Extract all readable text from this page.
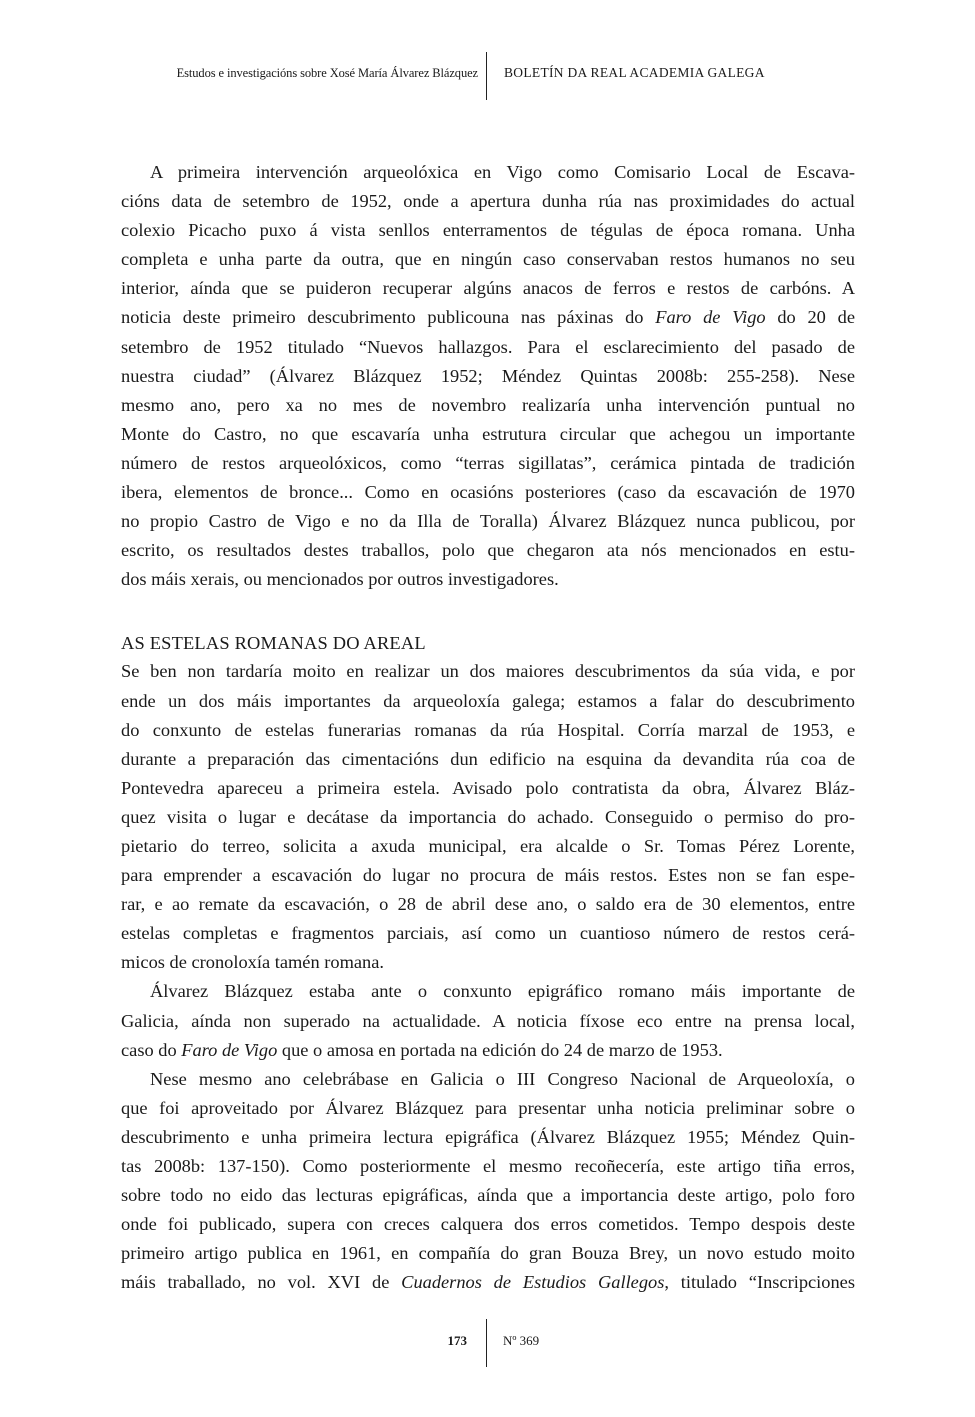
Estudos e investigacións sobre Xosé María Álvarez Blázquez BOLETÍN DA REAL ACADEMIA GALEGA
A primeira intervención arqueolóxica en Vigo como Comisario Local de Escava-
cións data de setembro de 1952, onde a apertura dunha rúa nas proximidades do actual
colexio Picacho puxo á vista senllos enterramentos de tégulas de época romana. Unha
completa e unha parte da outra, que en ningún caso conservaban restos humanos no seu
interior, aínda que se puideron recuperar algúns anacos de ferros e restos de carbóns. A
noticia deste primeiro descubrimento publicouna nas páxinas do Faro de Vigo do 20 de
setembro de 1952 titulado “Nuevos hallazgos. Para el esclarecimiento del pasado de
nuestra ciudad” (Álvarez Blázquez 1952; Méndez Quintas 2008b: 255-258). Nese
mesmo ano, pero xa no mes de novembro realizaría unha intervención puntual no
Monte do Castro, no que escavaría unha estrutura circular que achegou un importante
número de restos arqueolóxicos, como “terras sigillatas”, cerámica pintada de tradición
ibera, elementos de bronce... Como en ocasións posteriores (caso da escavación de 1970
no propio Castro de Vigo e no da Illa de Toralla) Álvarez Blázquez nunca publicou, por
escrito, os resultados destes traballos, polo que chegaron ata nós mencionados en estu-
dos máis xerais, ou mencionados por outros investigadores.
AS ESTELAS ROMANAS DO AREAL
Se ben non tardaría moito en realizar un dos maiores descubrimentos da súa vida, e por
ende un dos máis importantes da arqueoloxía galega; estamos a falar do descubrimento
do conxunto de estelas funerarias romanas da rúa Hospital. Corría marzal de 1953, e
durante a preparación das cimentacións dun edificio na esquina da devandita rúa coa de
Pontevedra apareceu a primeira estela. Avisado polo contratista da obra, Álvarez Bláz-
quez visita o lugar e decátase da importancia do achado. Conseguido o permiso do pro-
pietario do terreo, solicita a axuda municipal, era alcalde o Sr. Tomas Pérez Lorente,
para emprender a escavación do lugar no procura de máis restos. Estes non se fan espe-
rar, e ao remate da escavación, o 28 de abril dese ano, o saldo era de 30 elementos, entre
estelas completas e fragmentos parciais, así como un cuantioso número de restos cerá-
micos de cronoloxía tamén romana.
Álvarez Blázquez estaba ante o conxunto epigráfico romano máis importante de
Galicia, aínda non superado na actualidade. A noticia fíxose eco entre na prensa local,
caso do Faro de Vigo que o amosa en portada na edición do 24 de marzo de 1953.
Nese mesmo ano celebrábase en Galicia o III Congreso Nacional de Arqueoloxía, o
que foi aproveitado por Álvarez Blázquez para presentar unha noticia preliminar sobre o
descubrimento e unha primeira lectura epigráfica (Álvarez Blázquez 1955; Méndez Quin-
tas 2008b: 137-150). Como posteriormente el mesmo recoñecería, este artigo tiña erros,
sobre todo no eido das lecturas epigráficas, aínda que a importancia deste artigo, polo foro
onde foi publicado, supera con creces calquera dos erros cometidos. Tempo despois deste
primeiro artigo publica en 1961, en compañía do gran Bouza Brey, un novo estudo moito
máis traballado, no vol. XVI de Cuadernos de Estudios Gallegos, titulado “Inscripciones
173	Nº 369
